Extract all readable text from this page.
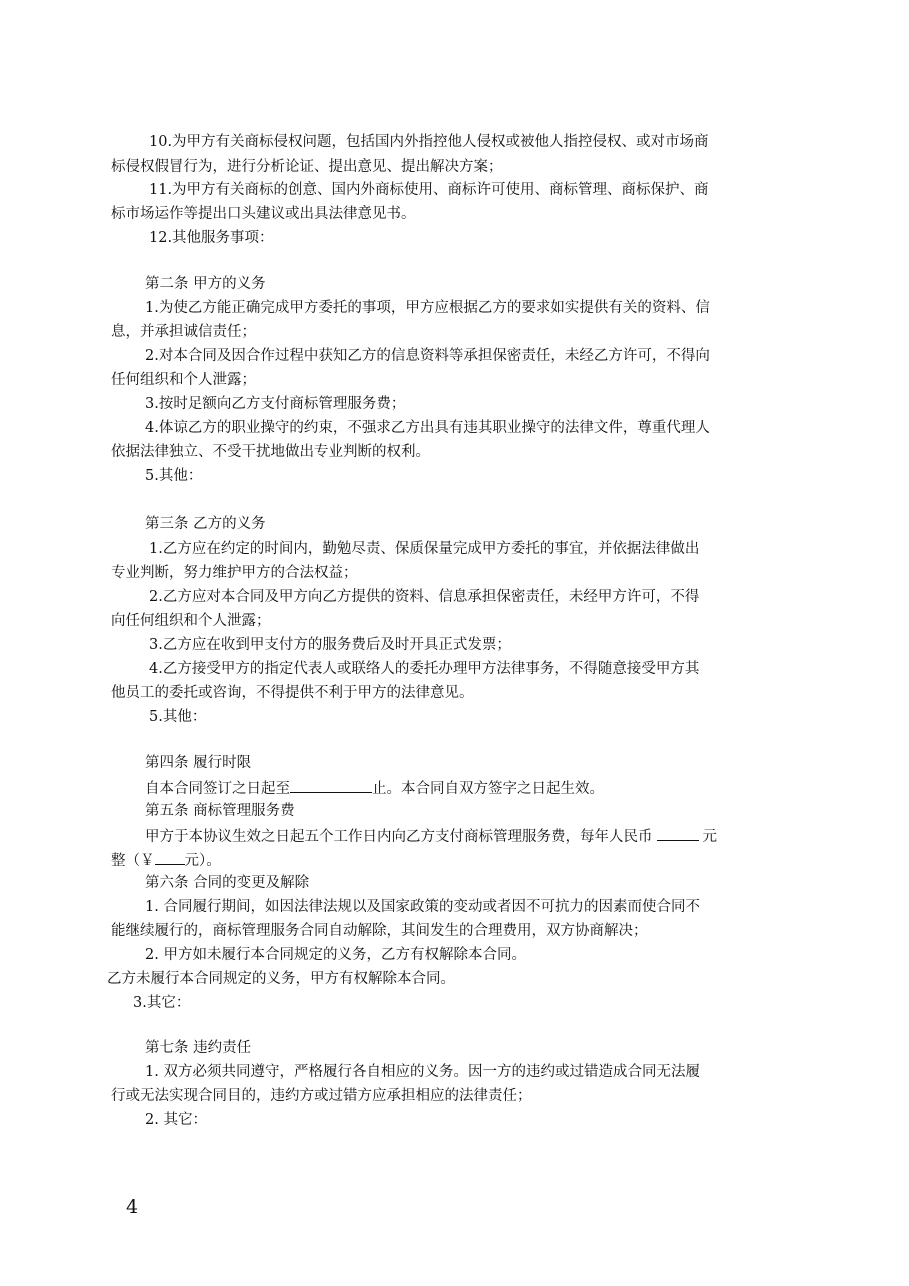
10.为甲方有关商标侵权问题，包括国内外指控他人侵权或被他人指控侵权、或对市场商
标侵权假冒行为，进行分析论证、提出意见、提出解决方案；
11.为甲方有关商标的创意、国内外商标使用、商标许可使用、商标管理、商标保护、商
标市场运作等提出口头建议或出具法律意见书。
12.其他服务事项：
第二条 甲方的义务
1.为使乙方能正确完成甲方委托的事项，甲方应根据乙方的要求如实提供有关的资料、信
息，并承担诚信责任；
2.对本合同及因合作过程中获知乙方的信息资料等承担保密责任，未经乙方许可，不得向
任何组织和个人泄露；
3.按时足额向乙方支付商标管理服务费；
4.体谅乙方的职业操守的约束，不强求乙方出具有违其职业操守的法律文件，尊重代理人
依据法律独立、不受干扰地做出专业判断的权利。
5.其他：
第三条 乙方的义务
1.乙方应在约定的时间内，勤勉尽责、保质保量完成甲方委托的事宜，并依据法律做出
专业判断，努力维护甲方的合法权益；
2.乙方应对本合同及甲方向乙方提供的资料、信息承担保密责任，未经甲方许可，不得
向任何组织和个人泄露；
3.乙方应在收到甲支付方的服务费后及时开具正式发票；
4.乙方接受甲方的指定代表人或联络人的委托办理甲方法律事务，不得随意接受甲方其
他员工的委托或咨询，不得提供不利于甲方的法律意见。
5.其他：
第四条 履行时限
自本合同签订之日起至	止。本合同自双方签字之日起生效。
第五条 商标管理服务费
甲方于本协议生效之日起五个工作日内向乙方支付商标管理服务费，每年人民币	元
整（￥ 元）。
第六条 合同的变更及解除
1. 合同履行期间，如因法律法规以及国家政策的变动或者因不可抗力的因素而使合同不
能继续履行的，商标管理服务合同自动解除，其间发生的合理费用，双方协商解决；
2. 甲方如未履行本合同规定的义务，乙方有权解除本合同。
乙方未履行本合同规定的义务，甲方有权解除本合同。
3.其它：
第七条 违约责任
1. 双方必须共同遵守，严格履行各自相应的义务。因一方的违约或过错造成合同无法履
行或无法实现合同目的，违约方或过错方应承担相应的法律责任；
2. 其它：
4
